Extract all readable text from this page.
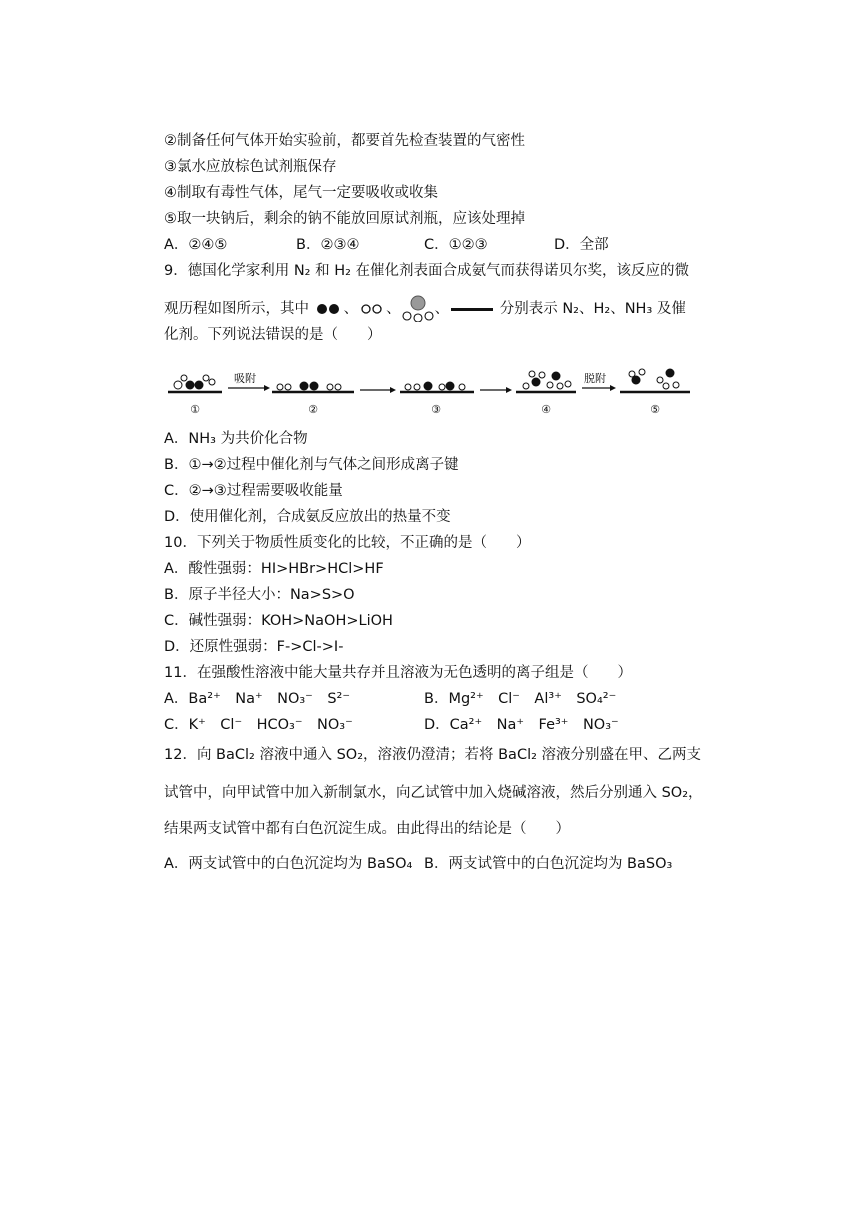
②制备任何气体开始实验前，都要首先检查装置的气密性
③氯水应放棕色试剂瓶保存
④制取有毒性气体，尾气一定要吸收或收集
⑤取一块钠后，剩余的钠不能放回原试剂瓶，应该处理掉
A．②④⑤	B．②③④	C．①②③	D．全部
9．德国化学家利用 N₂ 和 H₂ 在催化剂表面合成氨气而获得诺贝尔奖，该反应的微
观历程如图所示，其中 、 、 、	分别表示 N₂、H₂、NH₃ 及催
化剂。下列说法错误的是（　　）
吸附	脱附
①	②	③	④	⑤
A．NH₃ 为共价化合物
B．①→②过程中催化剂与气体之间形成离子键
C．②→③过程需要吸收能量
D．使用催化剂，合成氨反应放出的热量不变
10．下列关于物质性质变化的比较，不正确的是（　　）
A．酸性强弱：HI>HBr>HCl>HF
B．原子半径大小：Na>S>O
C．碱性强弱：KOH>NaOH>LiOH
D．还原性强弱：F->Cl->I-
11．在强酸性溶液中能大量共存并且溶液为无色透明的离子组是（　　）
A．Ba²⁺　Na⁺　NO₃⁻　S²⁻	B．Mg²⁺　Cl⁻　Al³⁺　SO₄²⁻
C．K⁺　Cl⁻　HCO₃⁻　NO₃⁻	D．Ca²⁺　Na⁺　Fe³⁺　NO₃⁻
12．向 BaCl₂ 溶液中通入 SO₂，溶液仍澄清；若将 BaCl₂ 溶液分别盛在甲、乙两支
试管中，向甲试管中加入新制氯水，向乙试管中加入烧碱溶液，然后分别通入 SO₂，
结果两支试管中都有白色沉淀生成。由此得出的结论是（　　）
A．两支试管中的白色沉淀均为 BaSO₄ B．两支试管中的白色沉淀均为 BaSO₃
